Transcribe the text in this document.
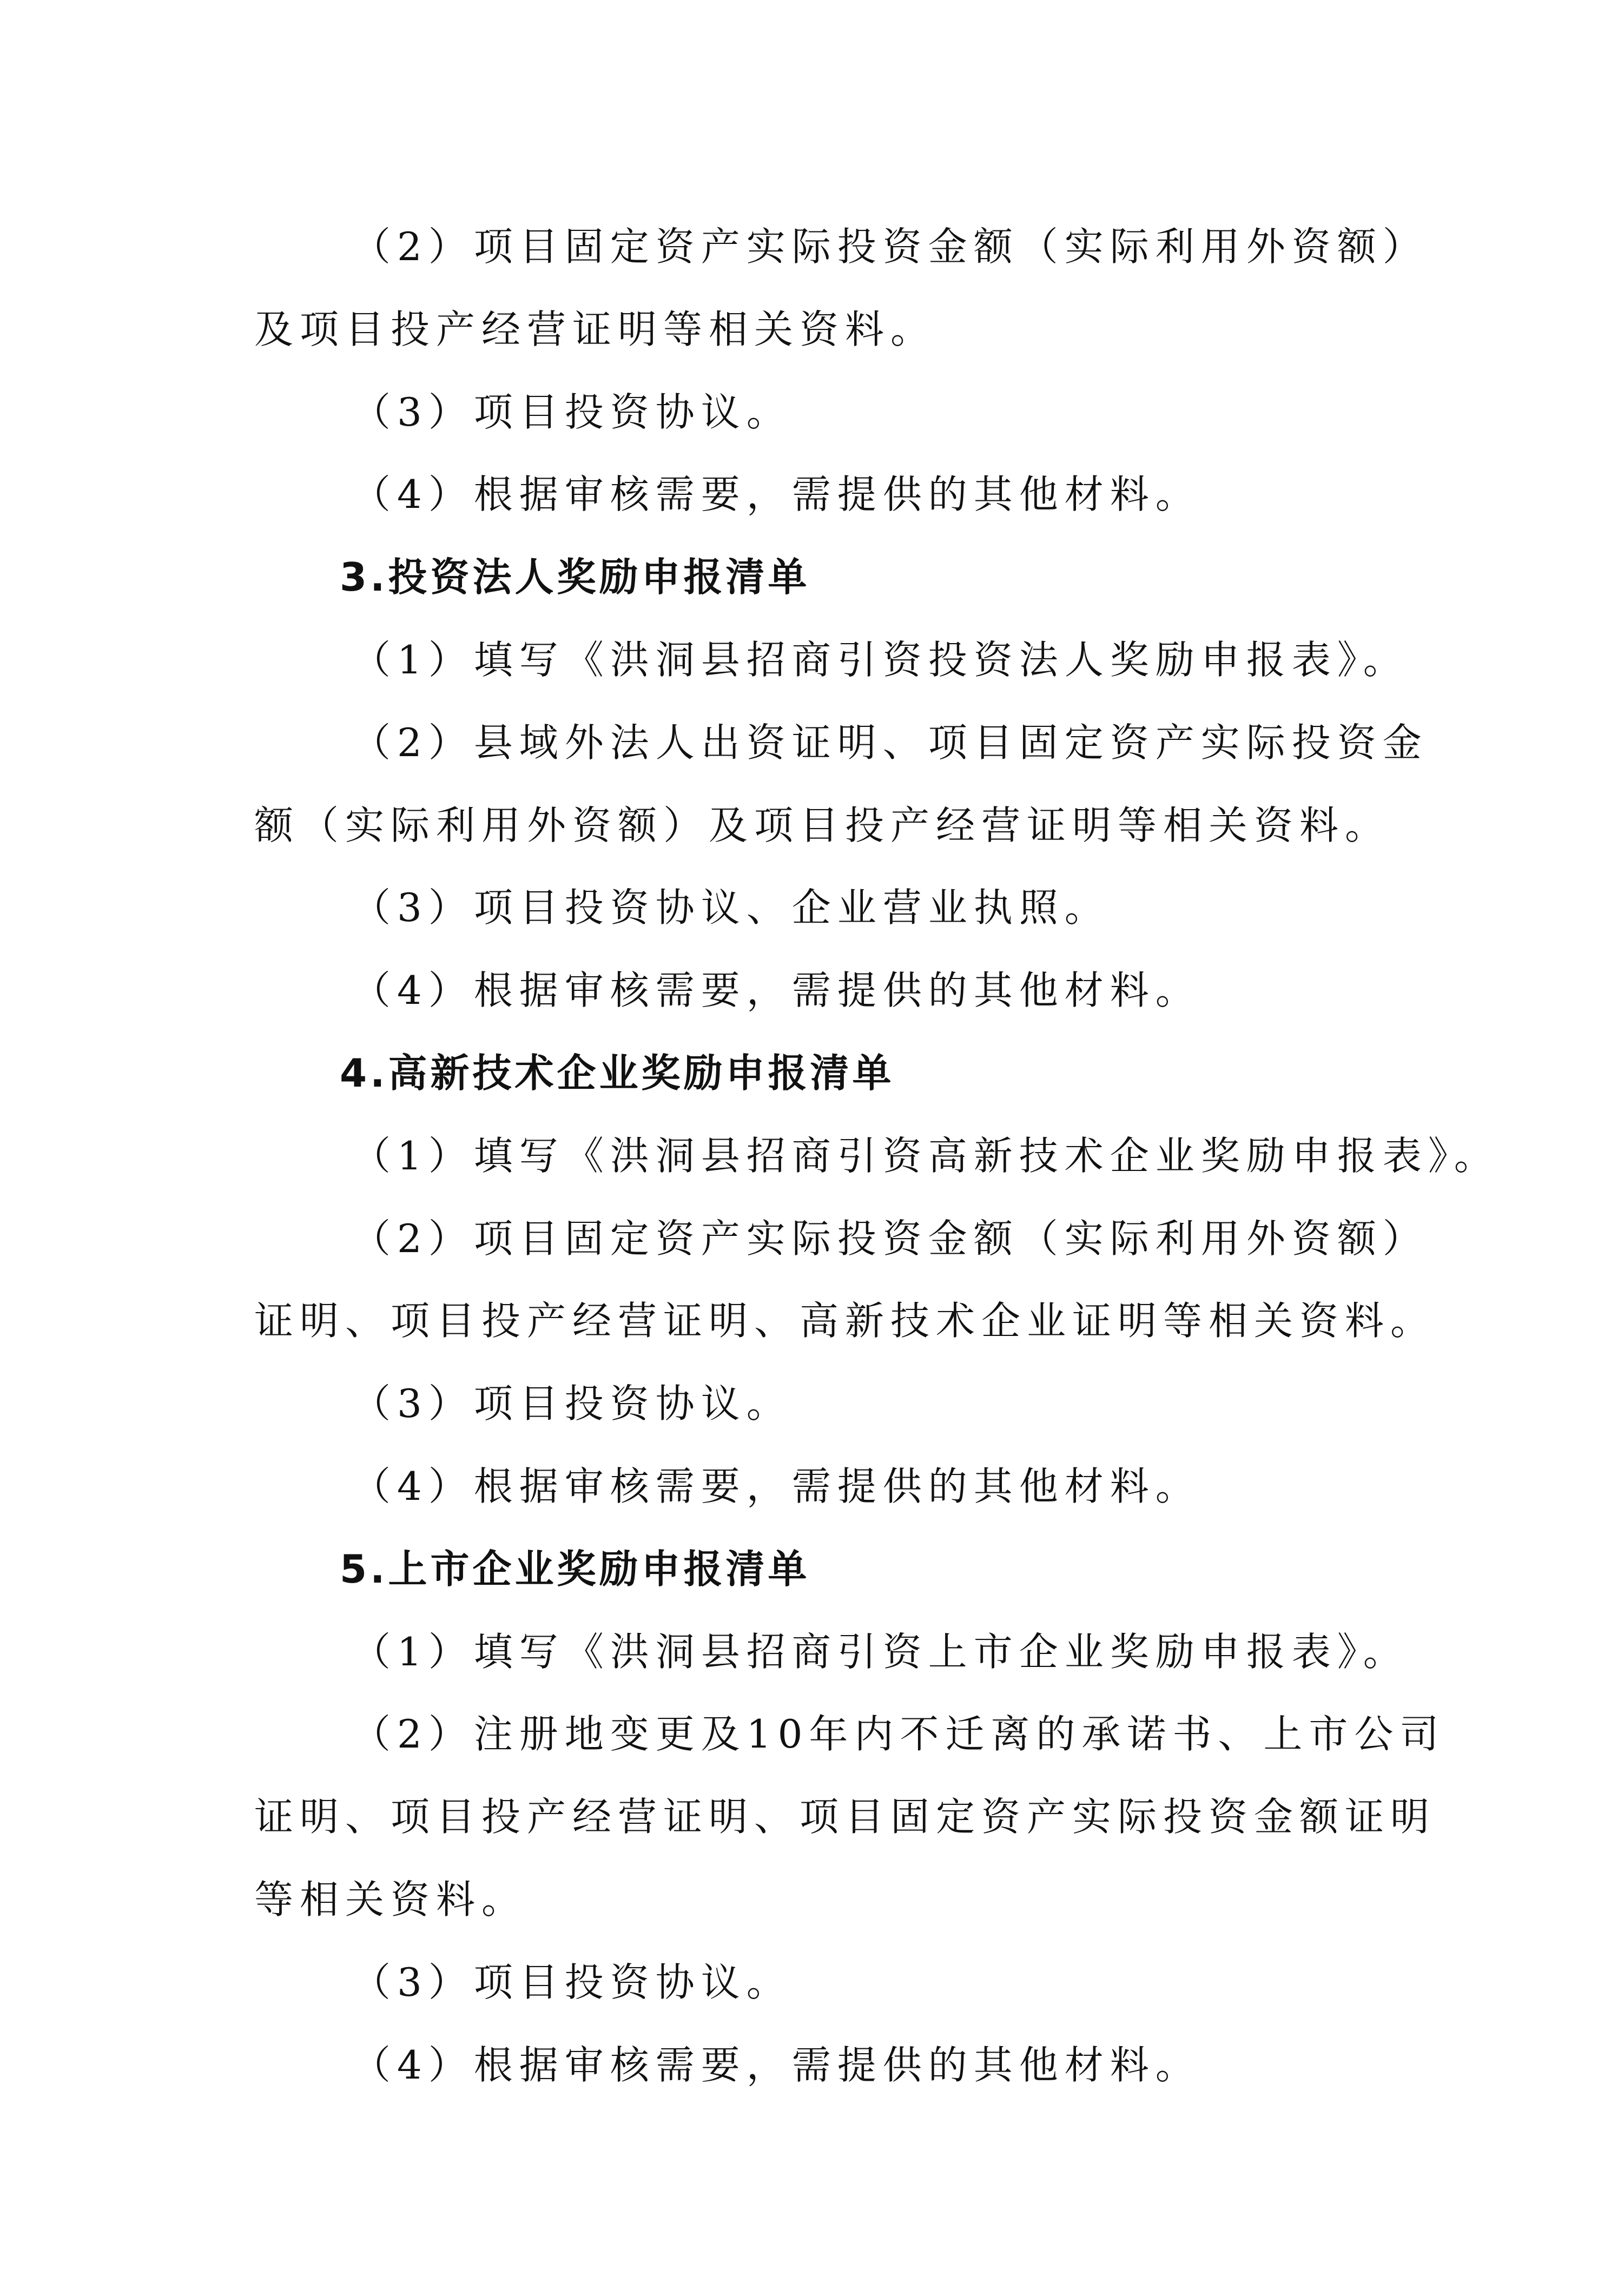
（2）项目固定资产实际投资金额（实际利用外资额）
及项目投产经营证明等相关资料。
（3）项目投资协议。
（4）根据审核需要，需提供的其他材料。
3.投资法人奖励申报清单
（1）填写《洪洞县招商引资投资法人奖励申报表》。
（2）县域外法人出资证明、项目固定资产实际投资金
额（实际利用外资额）及项目投产经营证明等相关资料。
（3）项目投资协议、企业营业执照。
（4）根据审核需要，需提供的其他材料。
4.高新技术企业奖励申报清单
（1）填写《洪洞县招商引资高新技术企业奖励申报表》。
（2）项目固定资产实际投资金额（实际利用外资额）
证明、项目投产经营证明、高新技术企业证明等相关资料。
（3）项目投资协议。
（4）根据审核需要，需提供的其他材料。
5.上市企业奖励申报清单
（1）填写《洪洞县招商引资上市企业奖励申报表》。
（2）注册地变更及10年内不迁离的承诺书、上市公司
证明、项目投产经营证明、项目固定资产实际投资金额证明
等相关资料。
（3）项目投资协议。
（4）根据审核需要，需提供的其他材料。
